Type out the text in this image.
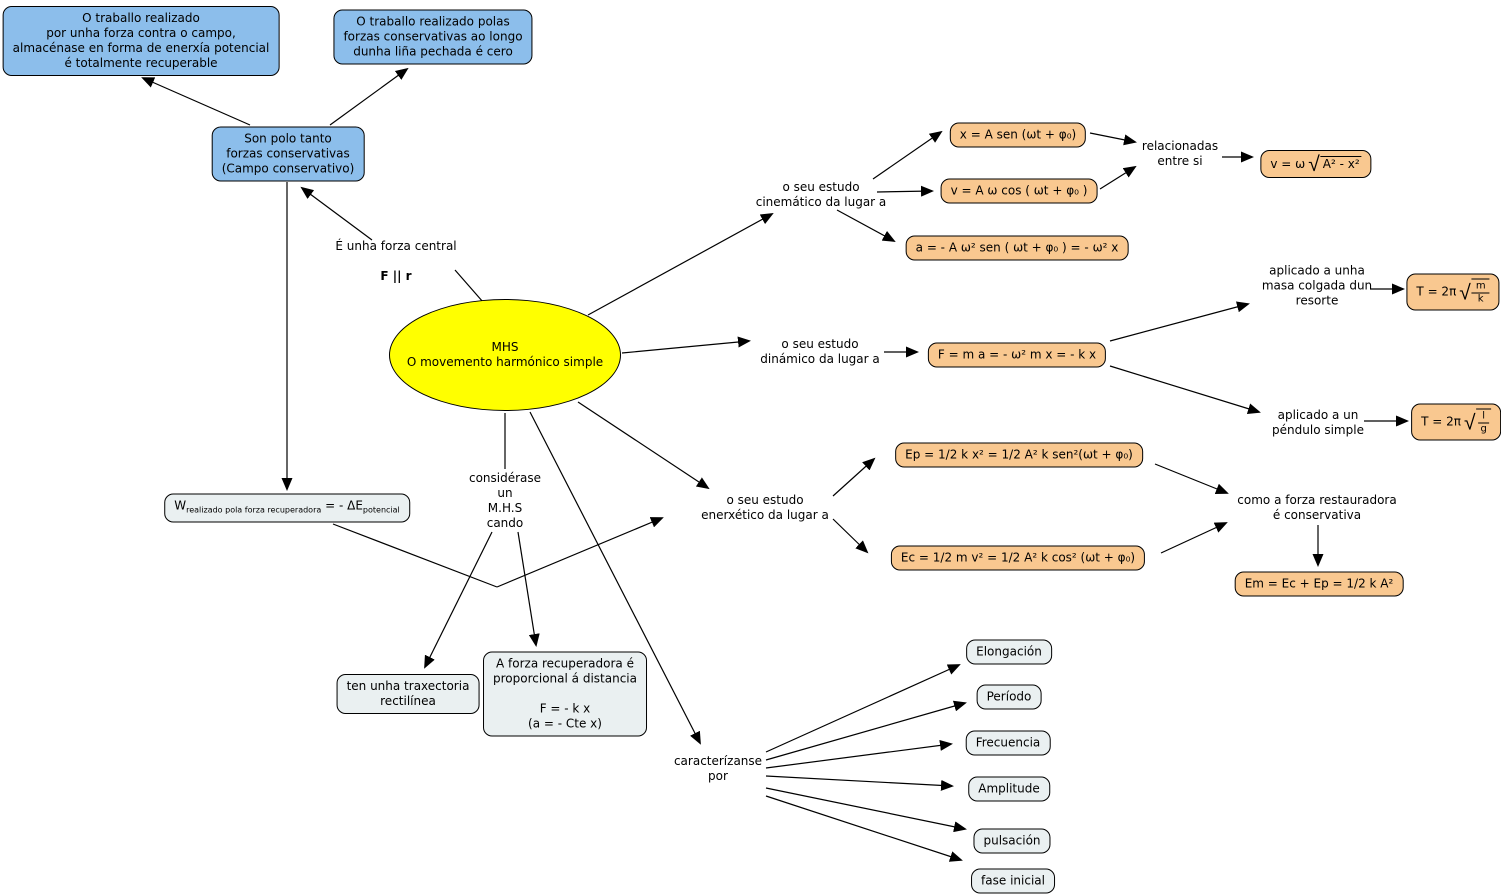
O traballo realizado
por unha forza contra o campo,
almacénase en forma de enerxía potencial
é totalmente recuperable
O traballo realizado polas
forzas conservativas ao longo
dunha liña pechada é cero
Son polo tanto
forzas conservativas
(Campo conservativo)

É unha forza central

F || r

MHS
O movemento harmónico simple
o seu estudo
cinemático da lugar a
x = A sen (ωt + φ₀)
v = A ω cos ( ωt + φ₀ )
a = - A ω² sen ( ωt + φ₀ ) = - ω² x
relacionadas
entre si	v = ω √ A² - x²
o seu estudo
dinámico da lugar a	F = m a = - ω² m x = - k x
aplicado a unha
masa colgada dun
resorte
T = 2π √ $\frac{m}{k}$
aplicado a un
péndulo simple
T = 2π √ $\frac{l}{g}$
o seu estudo
enerxético da lugar a
Ep = 1/2 k x² = 1/2 A² k sen²(ωt + φ₀)
Ec = 1/2 m v² = 1/2 A² k cos² (ωt + φ₀)
como a forza restauradora
é conservativa
Em = Ec + Ep = 1/2 k A²
$W_{realizado pola forza recuperadora}$ = - $\Delta E_{potencial}$
considérase
un
M.H.S
cando
ten unha traxectoria
rectilínea
A forza recuperadora é
proporcional á distancia

F = - k x
(a = - Cte x)
caracterízanse
por
Elongación
Período
Frecuencia
Amplitude
pulsación
fase inicial
